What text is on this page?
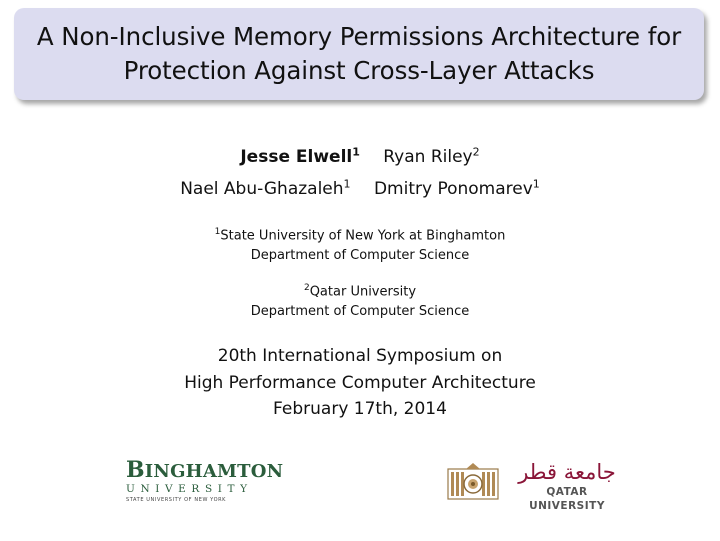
A Non-Inclusive Memory Permissions Architecture for
Protection Against Cross-Layer Attacks
Jesse Elwell$^1$ Ryan Riley$^2$
Nael Abu-Ghazaleh$^1$ Dmitry Ponomarev$^1$
$^1$State University of New York at Binghamton
Department of Computer Science
$^2$Qatar University
Department of Computer Science
20th International Symposium on
High Performance Computer Architecture
February 17th, 2014
BINGHAMTON
UNIVERSITY
STATE UNIVERSITY OF NEW YORK
جامعة قطر
QATAR UNIVERSITY
